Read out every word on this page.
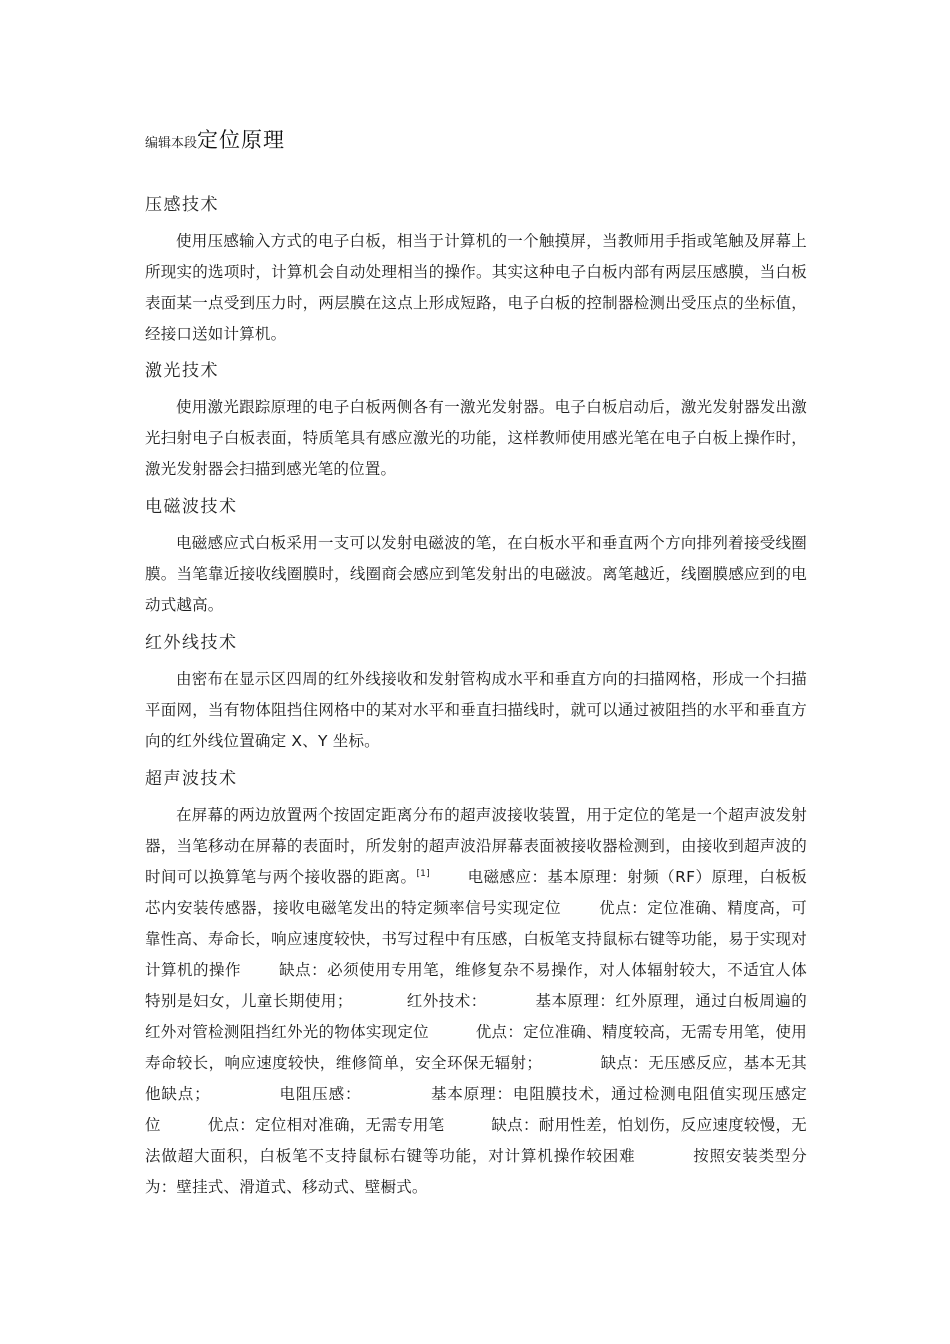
编辑本段定位原理
压感技术
使用压感输入方式的电子白板，相当于计算机的一个触摸屏，当教师用手指或笔触及屏幕上所现实的选项时，计算机会自动处理相当的操作。其实这种电子白板内部有两层压感膜，当白板表面某一点受到压力时，两层膜在这点上形成短路，电子白板的控制器检测出受压点的坐标值，经接口送如计算机。
激光技术
使用激光跟踪原理的电子白板两侧各有一激光发射器。电子白板启动后，激光发射器发出激光扫射电子白板表面，特质笔具有感应激光的功能，这样教师使用感光笔在电子白板上操作时，激光发射器会扫描到感光笔的位置。
电磁波技术
电磁感应式白板采用一支可以发射电磁波的笔，在白板水平和垂直两个方向排列着接受线圈膜。当笔靠近接收线圈膜时，线圈商会感应到笔发射出的电磁波。离笔越近，线圈膜感应到的电动式越高。
红外线技术
由密布在显示区四周的红外线接收和发射管构成水平和垂直方向的扫描网格，形成一个扫描平面网，当有物体阻挡住网格中的某对水平和垂直扫描线时，就可以通过被阻挡的水平和垂直方向的红外线位置确定 X、Y 坐标。
超声波技术
在屏幕的两边放置两个按固定距离分布的超声波接收装置，用于定位的笔是一个超声波发射器，当笔移动在屏幕的表面时，所发射的超声波沿屏幕表面被接收器检测到，由接收到超声波的时间可以换算笔与两个接收器的距离。[1]       电磁感应：基本原理：射频（RF）原理，白板板芯内安装传感器，接收电磁笔发出的特定频率信号实现定位       优点：定位准确、精度高，可靠性高、寿命长，响应速度较快，书写过程中有压感，白板笔支持鼠标右键等功能，易于实现对计算机的操作       缺点：必须使用专用笔，维修复杂不易操作，对人体辐射较大，不适宜人体特别是妇女，儿童长期使用；          红外技术：         基本原理：红外原理，通过白板周遍的红外对管检测阻挡红外光的物体实现定位         优点：定位准确、精度较高，无需专用笔，使用寿命较长，响应速度较快，维修简单，安全环保无辐射；           缺点：无压感反应，基本无其他缺点；            电阻压感：            基本原理：电阻膜技术，通过检测电阻值实现压感定位         优点：定位相对准确，无需专用笔         缺点：耐用性差，怕划伤，反应速度较慢，无法做超大面积，白板笔不支持鼠标右键等功能，对计算机操作较困难          按照安装类型分为：壁挂式、滑道式、移动式、壁橱式。
